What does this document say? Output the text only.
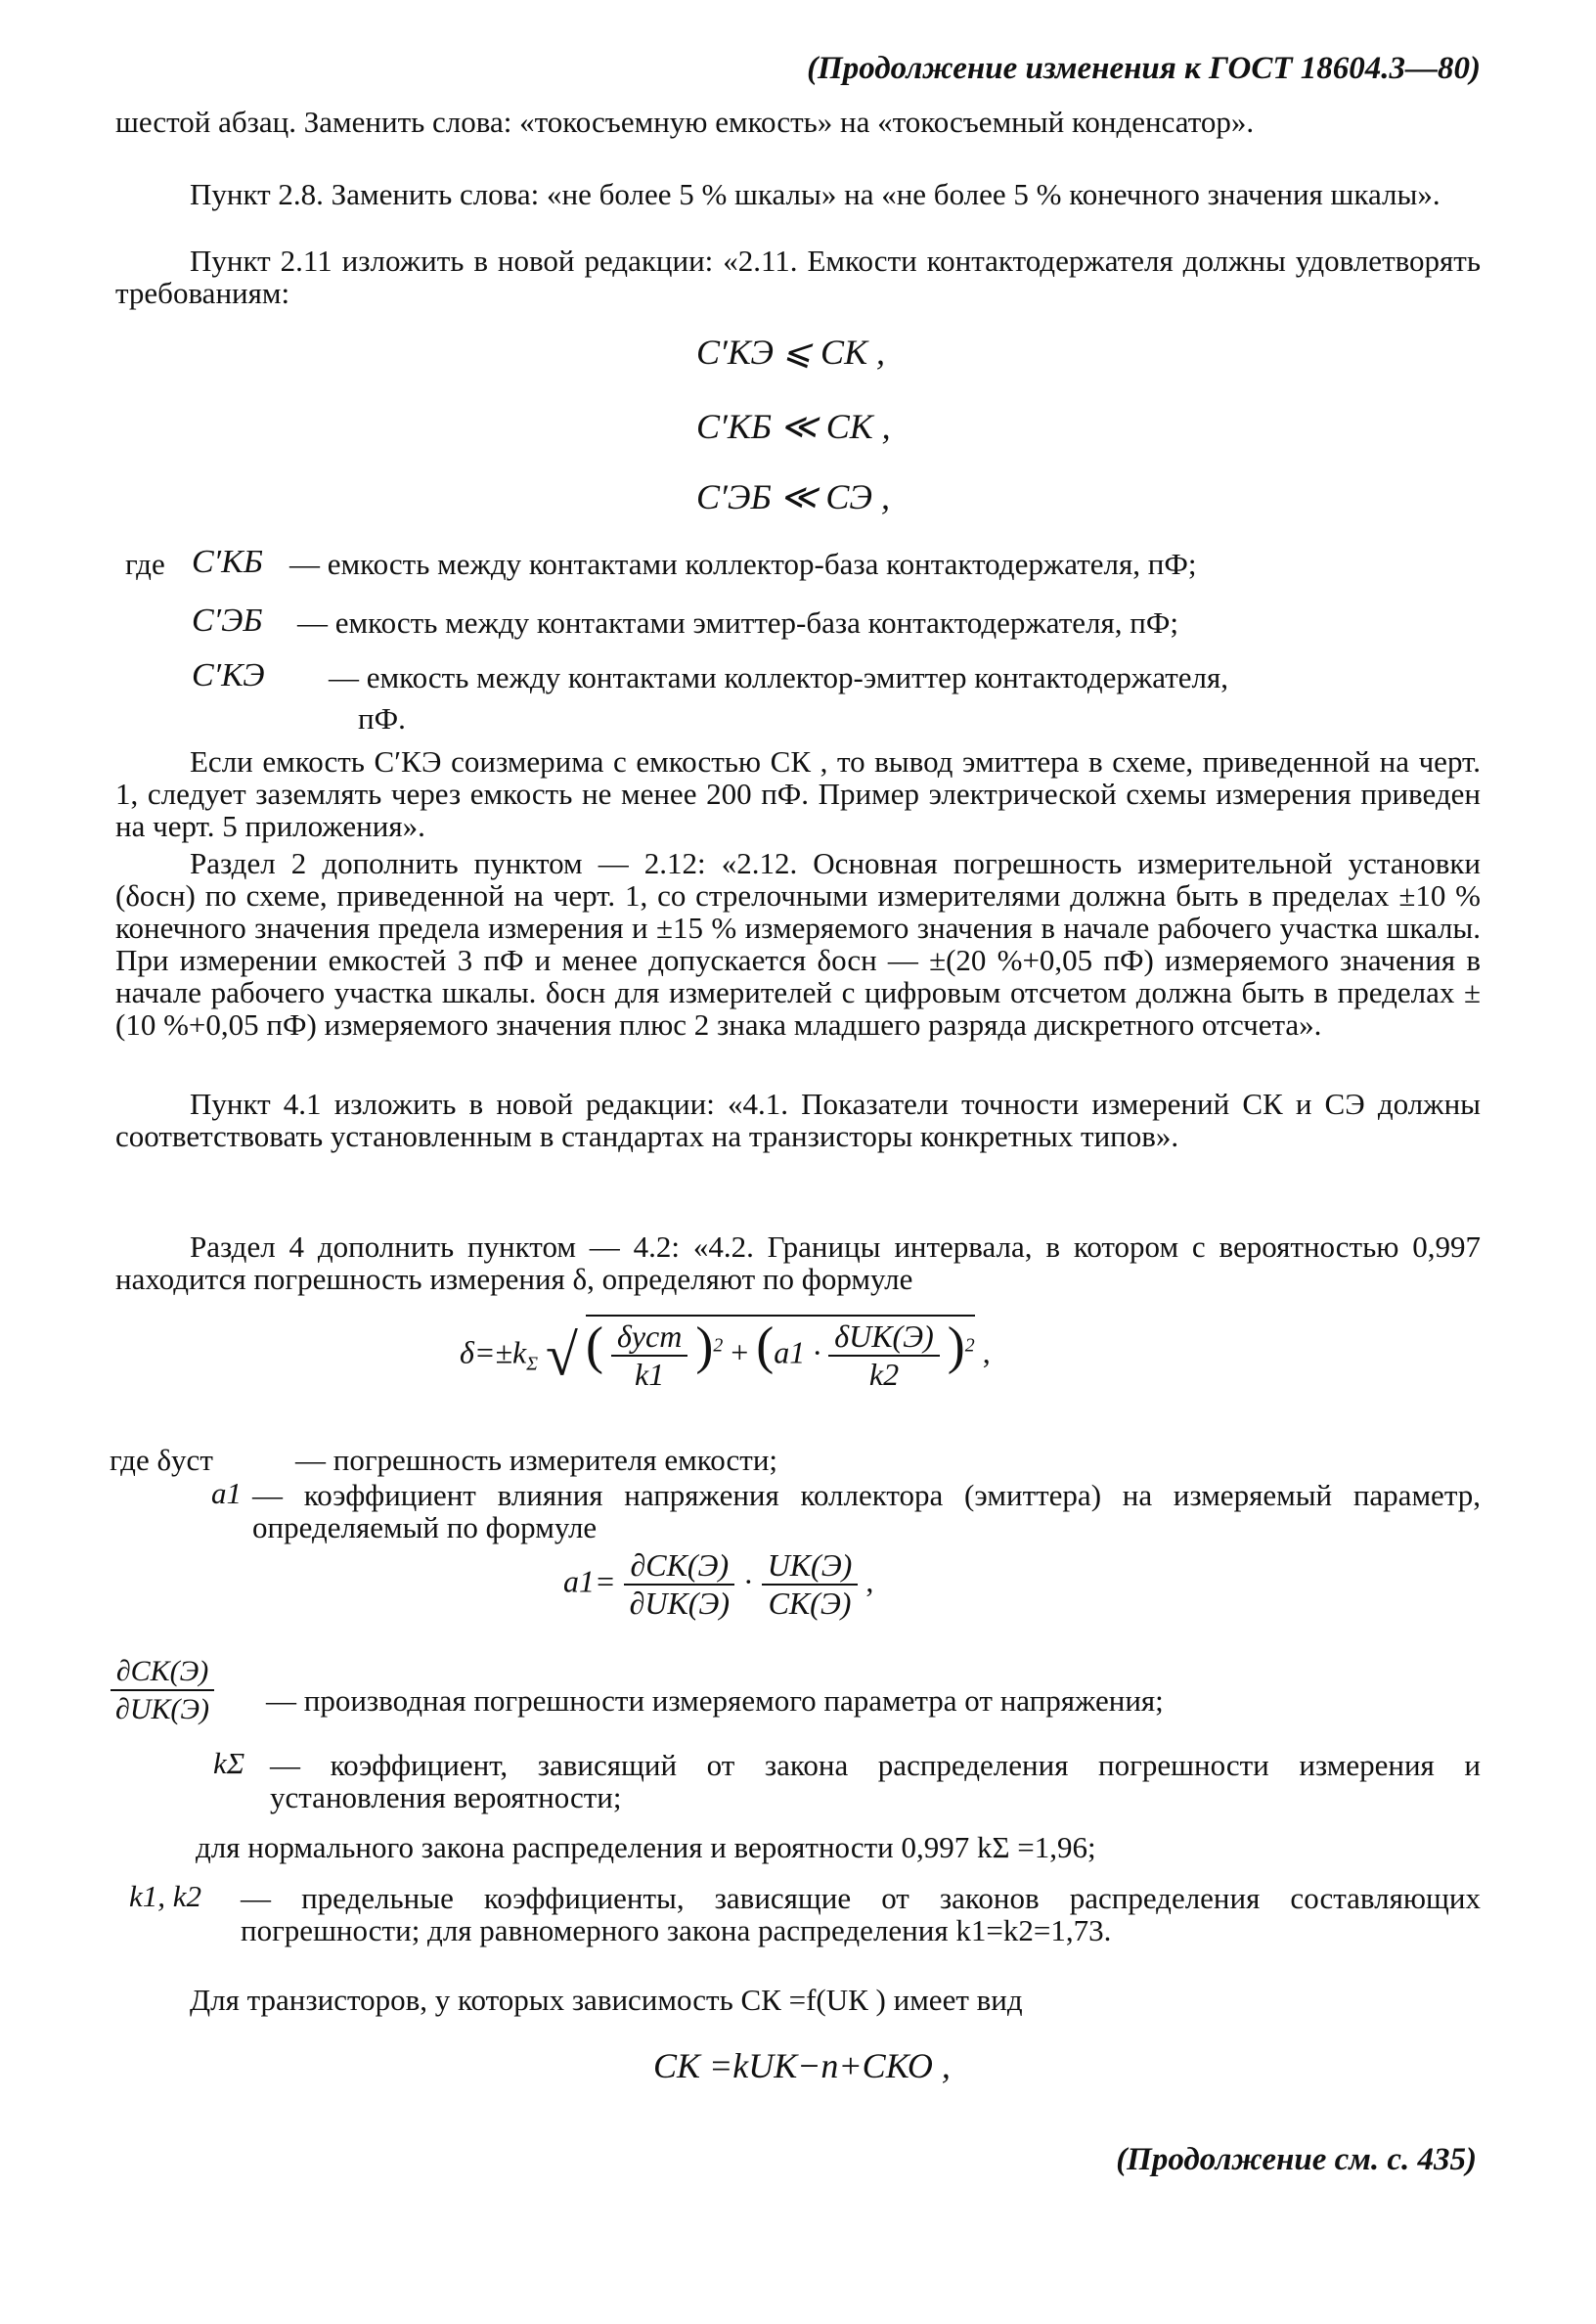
(Продолжение изменения к ГОСТ 18604.3—80)
шестой абзац. Заменить слова: «токосъемную емкость» на «токосъемный конденсатор».
Пункт 2.8. Заменить слова: «не более 5 % шкалы» на «не более 5 % конечного значения шкалы».
Пункт 2.11 изложить в новой редакции: «2.11. Емкости контактодержателя должны удовлетворять требованиям:
C′КЭ ⩽ CК ,
C′КБ ≪ CК ,
C′ЭБ ≪ CЭ ,
где C′КБ — емкость между контактами коллектор-база контактодержателя, пФ;
C′ЭБ — емкость между контактами эмиттер-база контактодержателя, пФ;
C′КЭ — емкость между контактами коллектор-эмиттер контактодержателя,
пФ.
Если емкость C′КЭ соизмерима с емкостью CК , то вывод эмиттера в схеме, приведенной на черт. 1, следует заземлять через емкость не менее 200 пФ. Пример электрической схемы измерения приведен на черт. 5 приложения».
Раздел 2 дополнить пунктом — 2.12: «2.12. Основная погрешность измерительной установки (δосн) по схеме, приведенной на черт. 1, со стрелочными измерителями должна быть в пределах ±10 % конечного значения предела измерения и ±15 % измеряемого значения в начале рабочего участка шкалы. При измерении емкостей 3 пФ и менее допускается δосн — ±(20 %+0,05 пФ) измеряемого значения в начале рабочего участка шкалы. δосн для измерителей с цифровым отсчетом должна быть в пределах ±(10 %+0,05 пФ) измеряемого значения плюс 2 знака младшего разряда дискретного отсчета».
Пункт 4.1 изложить в новой редакции: «4.1. Показатели точности измерений CК и CЭ должны соответствовать установленным в стандартах на транзисторы конкретных типов».
Раздел 4 дополнить пунктом — 4.2: «4.2. Границы интервала, в котором с вероятностью 0,997 находится погрешность измерения δ, определяют по формуле
$\delta=\pm k_\Sigma$ √ ( $\frac{\text{δуст}}{k1} )^2 + (a1 \cdot \frac{\text{δUК(Э)}}{k2} )^2$ ,
где δуст	— погрешность измерителя емкости;
a1 — коэффициент влияния напряжения коллектора (эмиттера) на измеряемый параметр, определяемый по формуле
$a1= \frac{\partial CК(Э)}{\partial UК(Э)} \cdot \frac{UК(Э)}{CК(Э)}$ ,
$\frac{\partial CК(Э)}{\partial UК(Э)}$ — производная погрешности измеряемого параметра от напряжения;
kΣ — коэффициент, зависящий от закона распределения погрешности измерения и установления вероятности;
для нормального закона распределения и вероятности 0,997 kΣ =1,96;
k1, k2 — предельные коэффициенты, зависящие от законов распределения составляющих погрешности; для равномерного закона распределения k1=k2=1,73.
Для транзисторов, у которых зависимость CК =f(UК ) имеет вид
CК =kUК−n+CКО ,
(Продолжение см. с. 435)
